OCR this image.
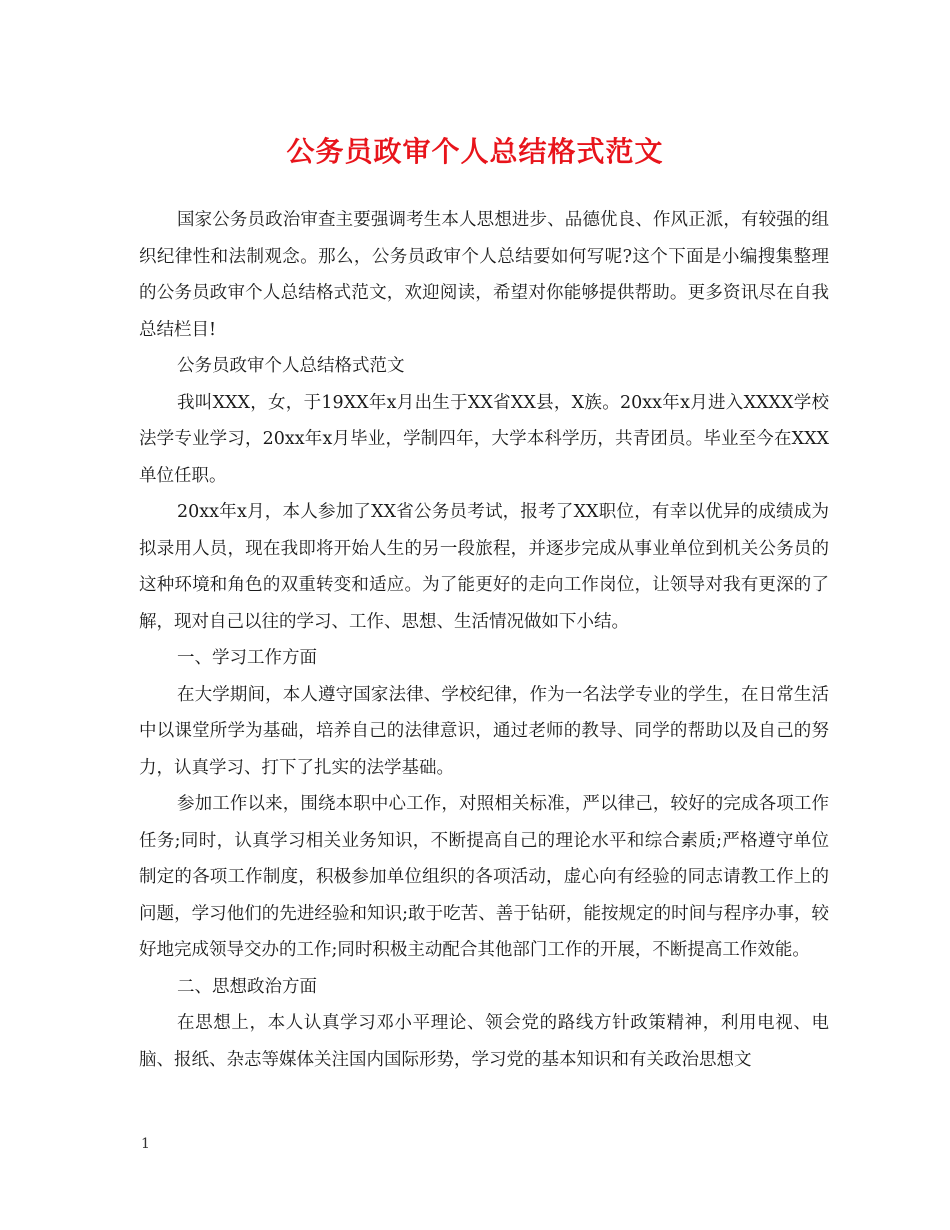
公务员政审个人总结格式范文

国家公务员政治审查主要强调考生本人思想进步、品德优良、作风正派，有较强的组织纪律性和法制观念。那么，公务员政审个人总结要如何写呢?这个下面是小编搜集整理的公务员政审个人总结格式范文，欢迎阅读，希望对你能够提供帮助。更多资讯尽在自我总结栏目!

公务员政审个人总结格式范文

我叫XXX，女，于19XX年x月出生于XX省XX县，X族。20xx年x月进入XXXX学校法学专业学习，20xx年x月毕业，学制四年，大学本科学历，共青团员。毕业至今在XXX单位任职。

20xx年x月，本人参加了XX省公务员考试，报考了XX职位，有幸以优异的成绩成为拟录用人员，现在我即将开始人生的另一段旅程，并逐步完成从事业单位到机关公务员的这种环境和角色的双重转变和适应。为了能更好的走向工作岗位，让领导对我有更深的了解，现对自己以往的学习、工作、思想、生活情况做如下小结。

一、学习工作方面

在大学期间，本人遵守国家法律、学校纪律，作为一名法学专业的学生，在日常生活中以课堂所学为基础，培养自己的法律意识，通过老师的教导、同学的帮助以及自己的努力，认真学习、打下了扎实的法学基础。

参加工作以来，围绕本职中心工作，对照相关标准，严以律己，较好的完成各项工作任务;同时，认真学习相关业务知识，不断提高自己的理论水平和综合素质;严格遵守单位制定的各项工作制度，积极参加单位组织的各项活动，虚心向有经验的同志请教工作上的问题，学习他们的先进经验和知识;敢于吃苦、善于钻研，能按规定的时间与程序办事，较好地完成领导交办的工作;同时积极主动配合其他部门工作的开展，不断提高工作效能。

二、思想政治方面

在思想上，本人认真学习邓小平理论、领会党的路线方针政策精神，利用电视、电脑、报纸、杂志等媒体关注国内国际形势，学习党的基本知识和有关政治思想文

1
